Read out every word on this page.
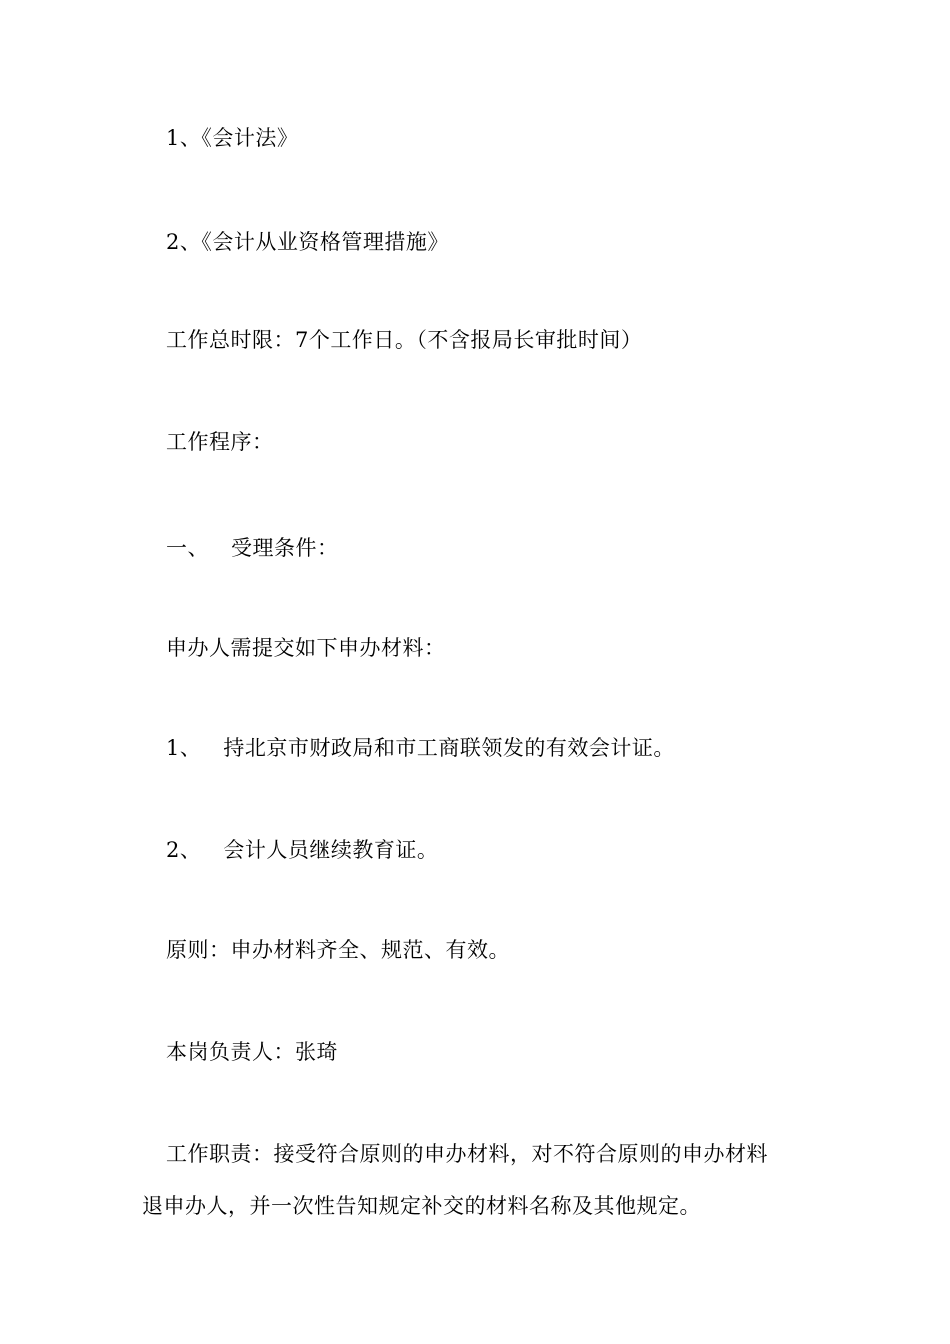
1、《会计法》
2、《会计从业资格管理措施》
工作总时限：7个工作日。（不含报局长审批时间）
工作程序：
一、 受理条件：
申办人需提交如下申办材料：
1、 持北京市财政局和市工商联领发的有效会计证。
2、 会计人员继续教育证。
原则：申办材料齐全、规范、有效。
本岗负责人：张琦
工作职责：接受符合原则的申办材料，对不符合原则的申办材料
退申办人，并一次性告知规定补交的材料名称及其他规定。
